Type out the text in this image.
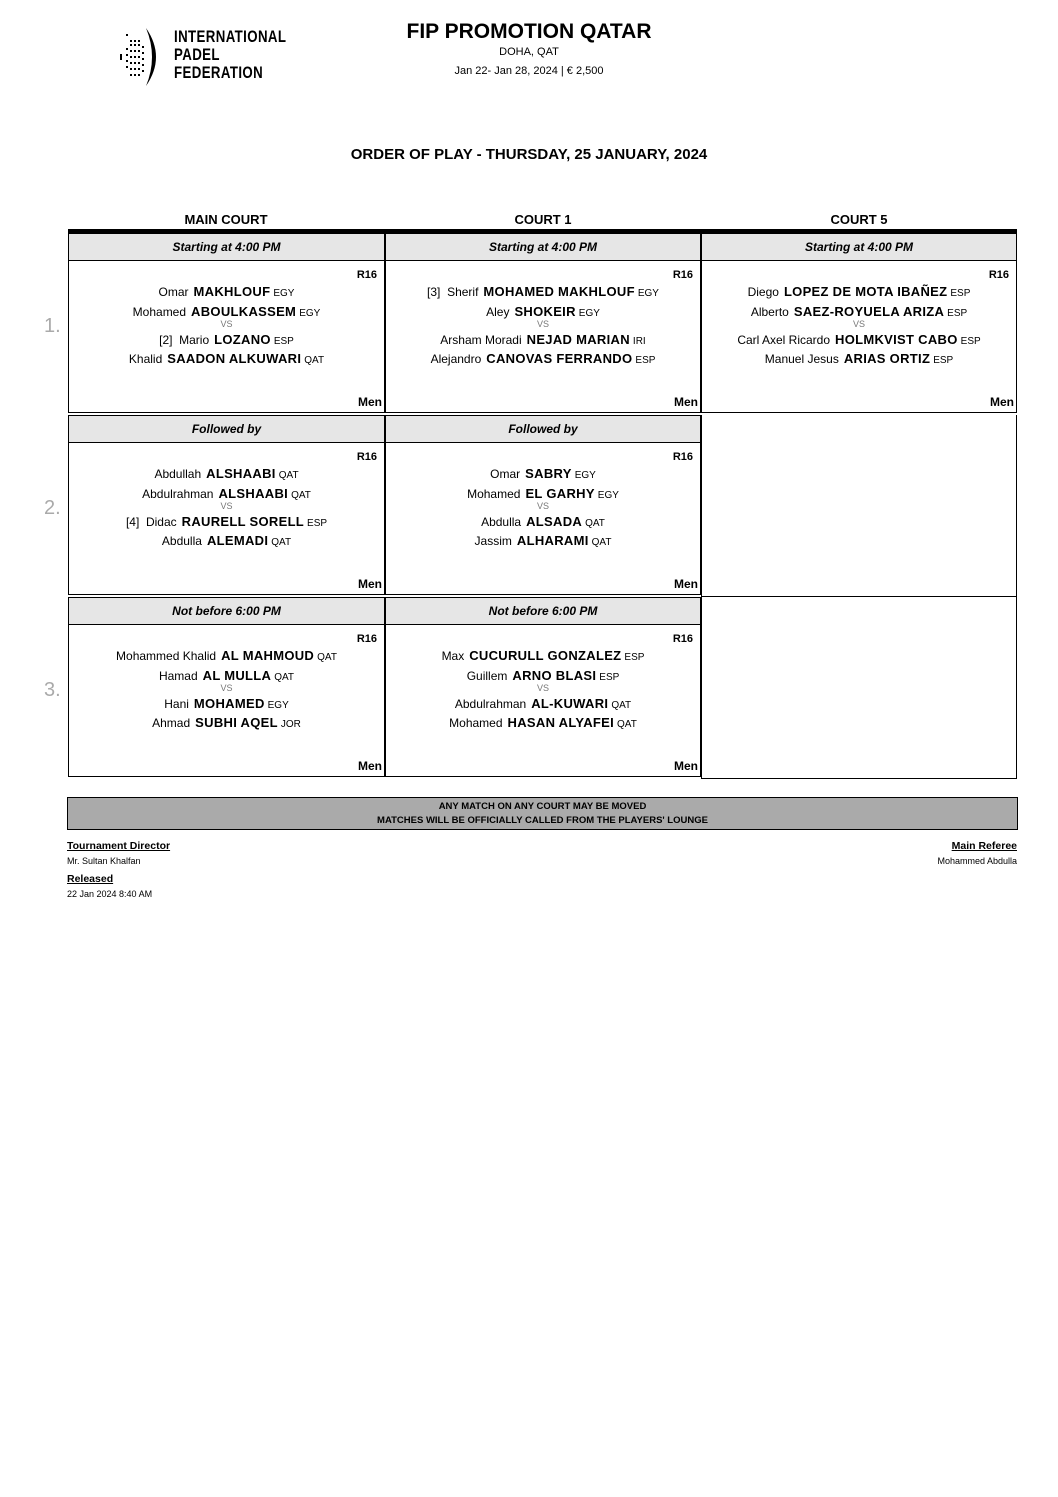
INTERNATIONAL
PADEL
FEDERATION
FIP PROMOTION QATAR
DOHA, QAT
Jan 22- Jan 28, 2024 | € 2,500
ORDER OF PLAY - THURSDAY, 25 JANUARY, 2024
MAIN COURT	COURT 1	COURT 5
1.
Starting at 4:00 PM
R16
Omar MAKHLOUF EGY
Mohamed ABOULKASSEM EGY
[2] Mario LOZANO ESP
Khalid SAADON ALKUWARI QAT
VS
Men
Starting at 4:00 PM
R16
[3] Sherif MOHAMED MAKHLOUF EGY
Aley SHOKEIR EGY
Arsham Moradi NEJAD MARIAN IRI
Alejandro CANOVAS FERRANDO ESP
VS
Men
Starting at 4:00 PM
R16
Diego LOPEZ DE MOTA IBAÑEZ ESP
Alberto SAEZ-ROYUELA ARIZA ESP
Carl Axel Ricardo HOLMKVIST CABO ESP
Manuel Jesus ARIAS ORTIZ ESP
VS
Men
2.
Followed by
R16
Abdullah ALSHAABI QAT
Abdulrahman ALSHAABI QAT
[4] Didac RAURELL SORELL ESP
Abdulla ALEMADI QAT
VS
Men
Followed by
R16
Omar SABRY EGY
Mohamed EL GARHY EGY
Abdulla ALSADA QAT
Jassim ALHARAMI QAT
VS
Men
3.
Not before 6:00 PM
R16
Mohammed Khalid AL MAHMOUD QAT
Hamad AL MULLA QAT
Hani MOHAMED EGY
Ahmad SUBHI AQEL JOR
VS
Men
Not before 6:00 PM
R16
Max CUCURULL GONZALEZ ESP
Guillem ARNO BLASI ESP
Abdulrahman AL-KUWARI QAT
Mohamed HASAN ALYAFEI QAT
VS
Men
ANY MATCH ON ANY COURT MAY BE MOVED
MATCHES WILL BE OFFICIALLY CALLED FROM THE PLAYERS' LOUNGE
Tournament Director
Mr. Sultan Khalfan
Main Referee
Mohammed Abdulla
Released
22 Jan 2024 8:40 AM
